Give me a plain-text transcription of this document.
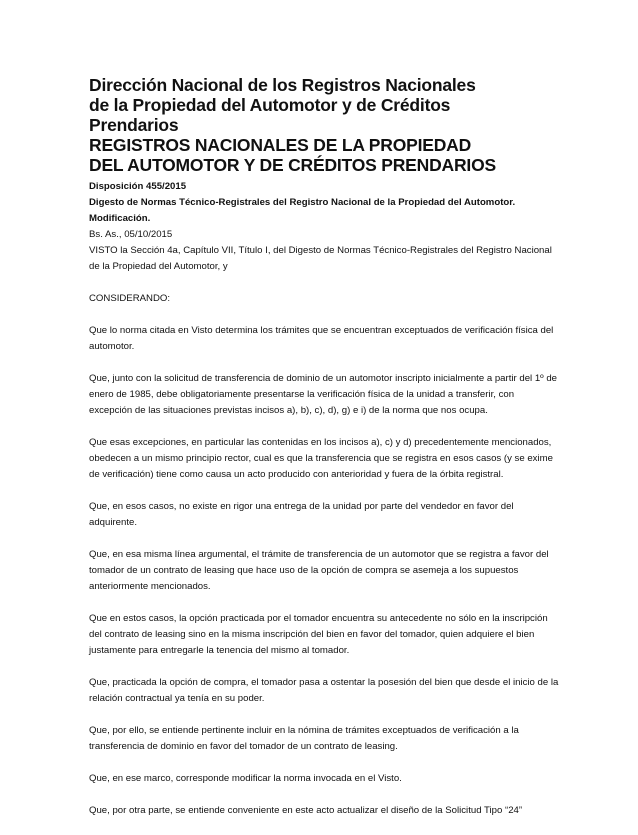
Dirección Nacional de los Registros Nacionales

de la Propiedad del Automotor y de Créditos

Prendarios

REGISTROS NACIONALES DE LA PROPIEDAD

DEL AUTOMOTOR Y DE CRÉDITOS PRENDARIOS

Disposición 455/2015

Digesto de Normas Técnico-Registrales del Registro Nacional de la Propiedad del Automotor.

Modificación.

Bs. As., 05/10/2015

VISTO la Sección 4a, Capítulo VII, Título I, del Digesto de Normas Técnico-Registrales del Registro Nacional

de la Propiedad del Automotor, y

CONSIDERANDO:

Que lo norma citada en Visto determina los trámites que se encuentran exceptuados de verificación física del
automotor.
Que, junto con la solicitud de transferencia de dominio de un automotor inscripto inicialmente a partir del 1º de
enero de 1985, debe obligatoriamente presentarse la verificación física de la unidad a transferir, con
excepción de las situaciones previstas incisos a), b), c), d), g) e i) de la norma que nos ocupa.
Que esas excepciones, en particular las contenidas en los incisos a), c) y d) precedentemente mencionados,
obedecen a un mismo principio rector, cual es que la transferencia que se registra en esos casos (y se exime
de verificación) tiene como causa un acto producido con anterioridad y fuera de la órbita registral.
Que, en esos casos, no existe en rigor una entrega de la unidad por parte del vendedor en favor del
adquirente.
Que, en esa misma línea argumental, el trámite de transferencia de un automotor que se registra a favor del
tomador de un contrato de leasing que hace uso de la opción de compra se asemeja a los supuestos
anteriormente mencionados.
Que en estos casos, la opción practicada por el tomador encuentra su antecedente no sólo en la inscripción
del contrato de leasing sino en la misma inscripción del bien en favor del tomador, quien adquiere el bien
justamente para entregarle la tenencia del mismo al tomador.
Que, practicada la opción de compra, el tomador pasa a ostentar la posesión del bien que desde el inicio de la
relación contractual ya tenía en su poder.
Que, por ello, se entiende pertinente incluir en la nómina de trámites exceptuados de verificación a la
transferencia de dominio en favor del tomador de un contrato de leasing.
Que, en ese marco, corresponde modificar la norma invocada en el Visto.
Que, por otra parte, se entiende conveniente en este acto actualizar el diseño de la Solicitud Tipo “24”
